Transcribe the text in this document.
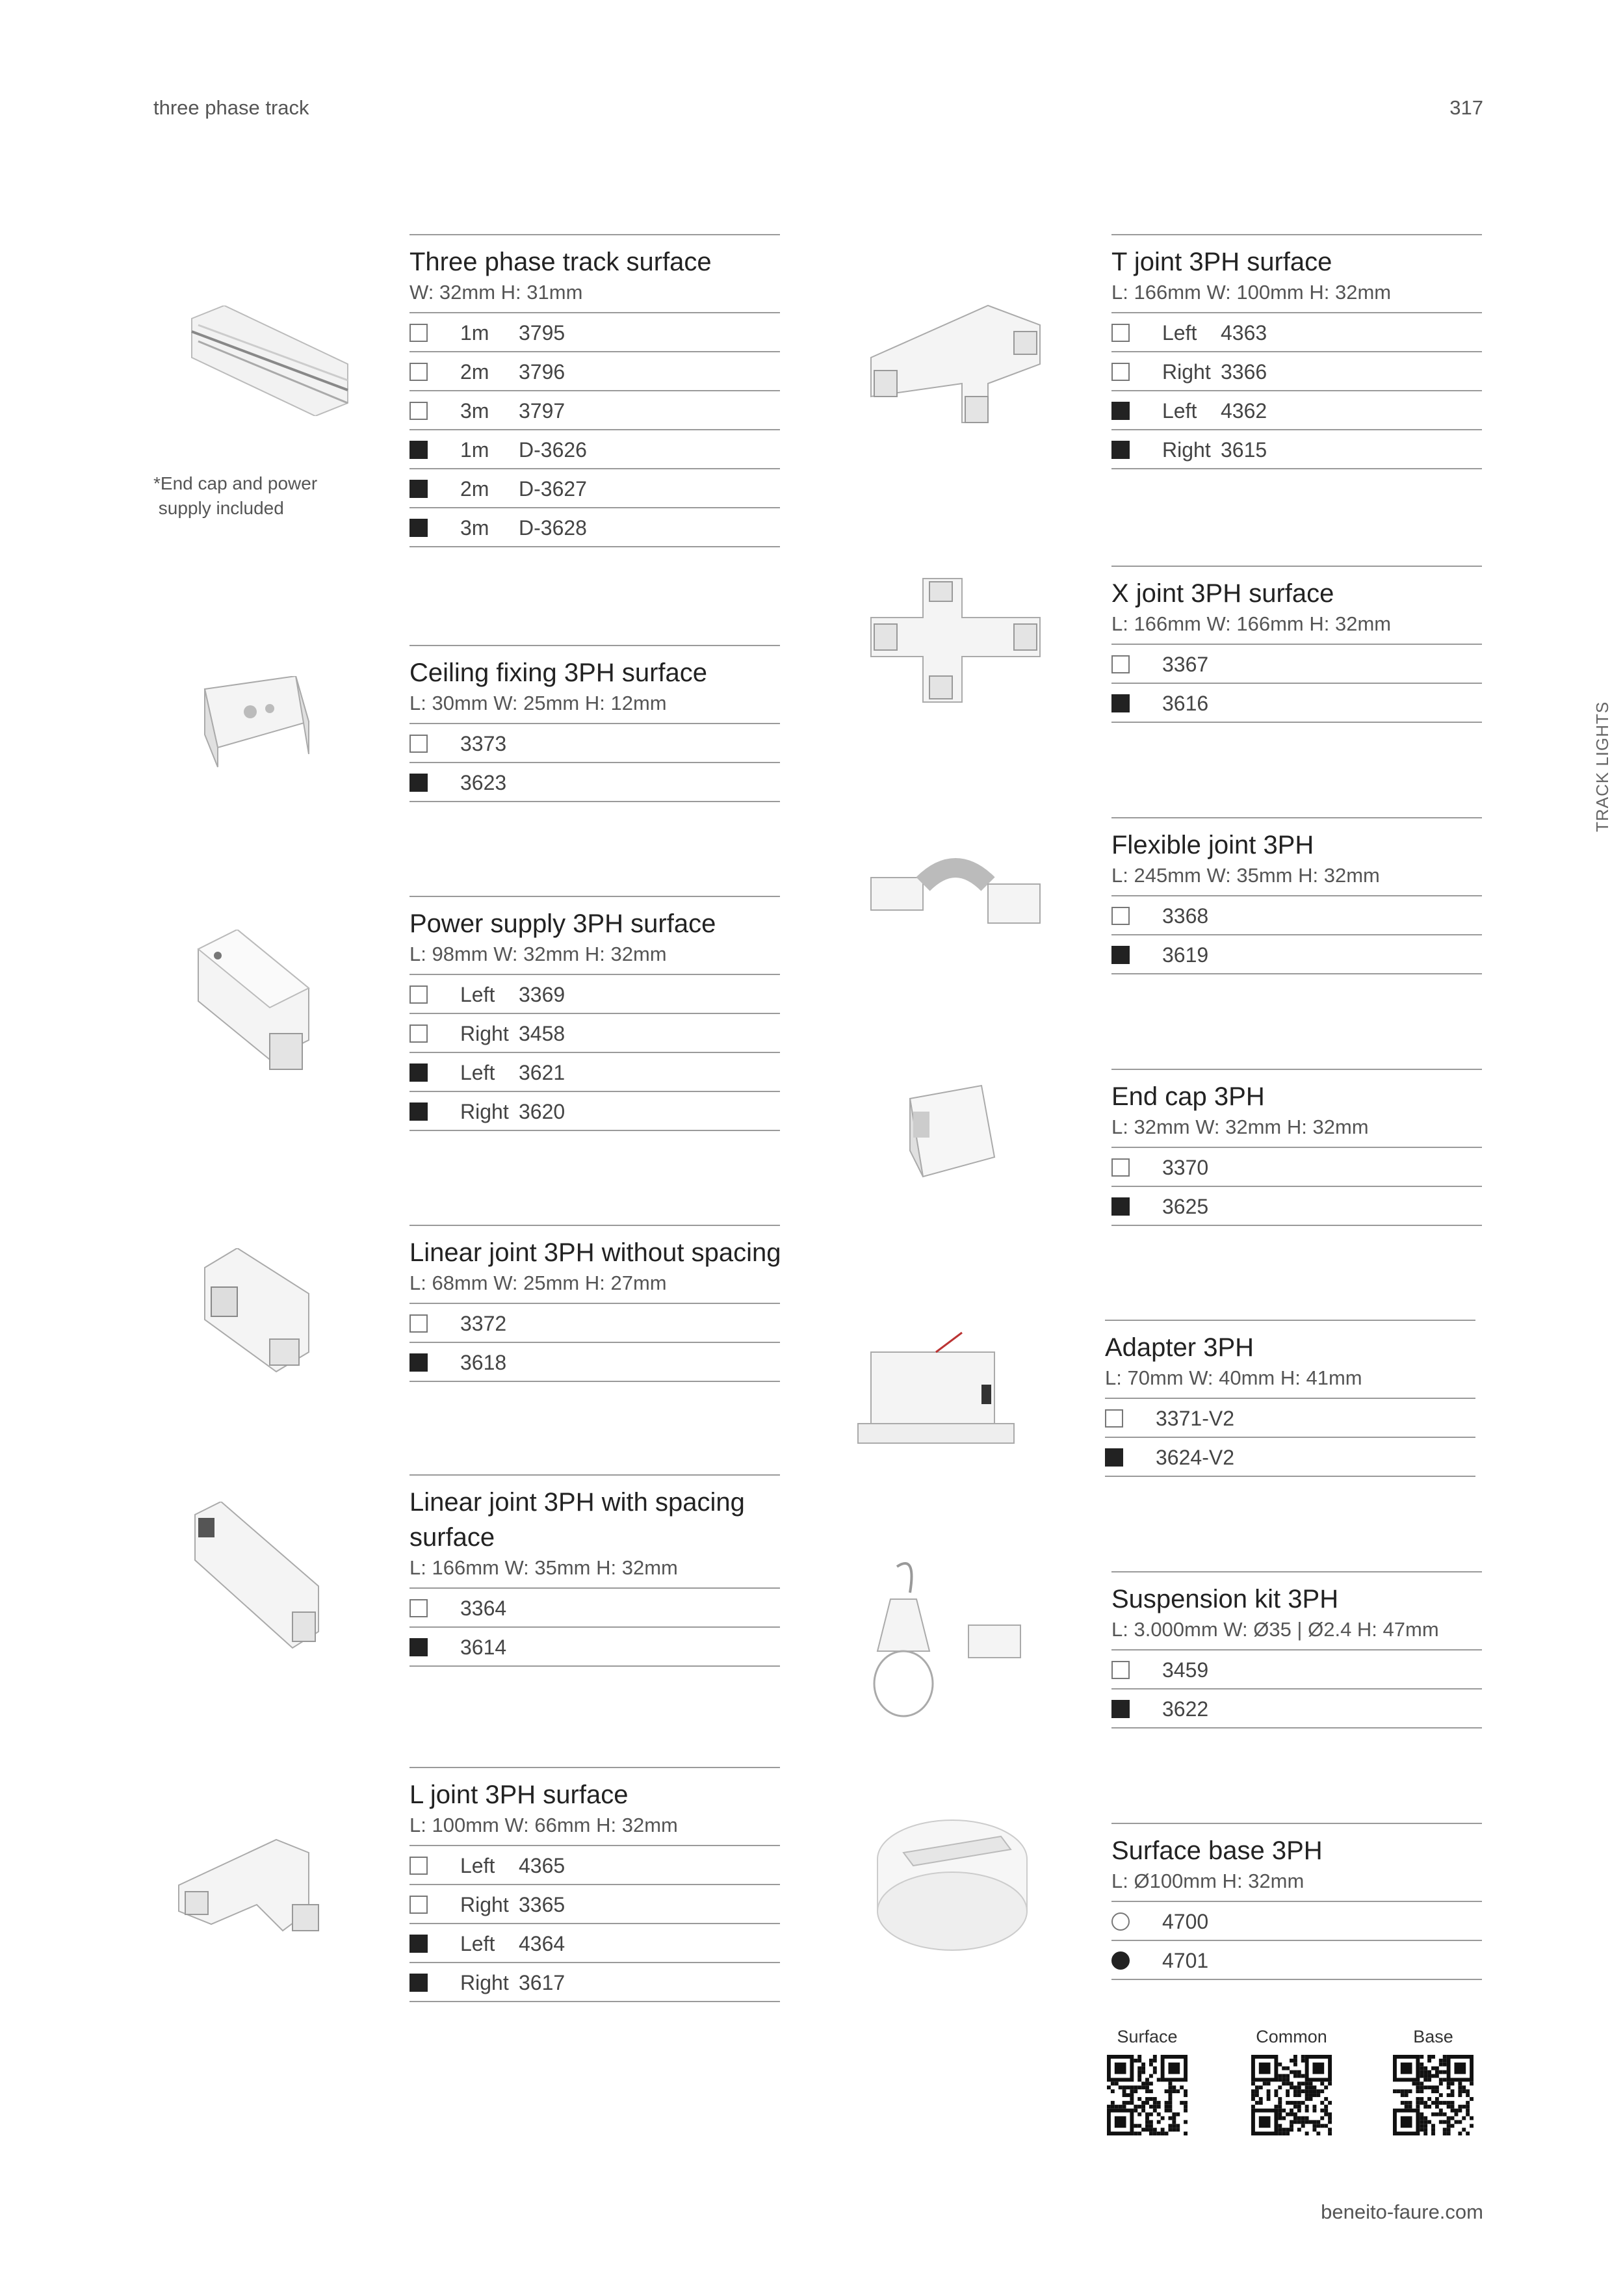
three phase track	317
TRACK LIGHTS
*End cap and power
supply included
beneito-faure.com
Three phase track surface
W: 32mm H: 31mm
1m 3795
2m 3796
3m 3797
1m D-3626
2m D-3627
3m D-3628
Ceiling fixing 3PH surface
L: 30mm W: 25mm H: 12mm
3373
3623
Power supply 3PH surface
L: 98mm W: 32mm H: 32mm
Left 3369
Right 3458
Left 3621
Right 3620
Linear joint 3PH without spacing
L: 68mm W: 25mm H: 27mm
3372
3618
Linear joint 3PH with spacing surface
L: 166mm W: 35mm H: 32mm
3364
3614
L joint 3PH surface
L: 100mm W: 66mm H: 32mm
Left 4365
Right 3365
Left 4364
Right 3617
T joint 3PH surface
L: 166mm W: 100mm H: 32mm
Left 4363
Right 3366
Left 4362
Right 3615
X joint 3PH surface
L: 166mm W: 166mm H: 32mm
3367
3616
Flexible joint 3PH
L: 245mm W: 35mm H: 32mm
3368
3619
End cap 3PH
L: 32mm W: 32mm H: 32mm
3370
3625
Adapter 3PH
L: 70mm W: 40mm H: 41mm
3371-V2
3624-V2
Suspension kit 3PH
L: 3.000mm W: Ø35 | Ø2.4 H: 47mm
3459
3622
Surface base 3PH
L: Ø100mm H: 32mm
4700
4701
Surface	Common	Base
